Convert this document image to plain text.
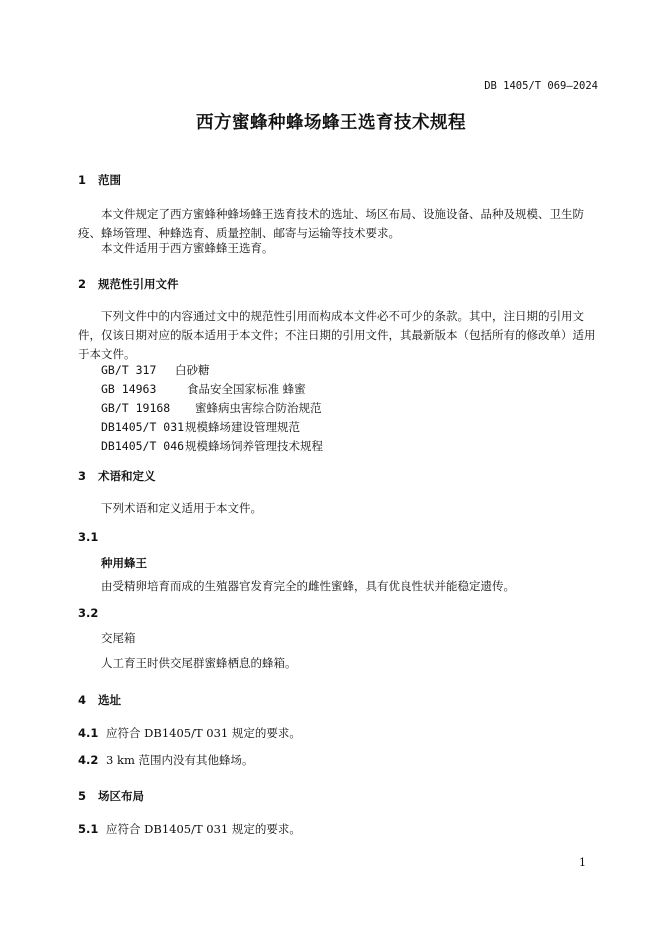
DB 1405/T 069—2024
西方蜜蜂种蜂场蜂王选育技术规程
1 范围
本文件规定了西方蜜蜂种蜂场蜂王选育技术的选址、场区布局、设施设备、品种及规模、卫生防疫、蜂场管理、种蜂选育、质量控制、邮寄与运输等技术要求。
本文件适用于西方蜜蜂蜂王选育。
2 规范性引用文件
下列文件中的内容通过文中的规范性引用而构成本文件必不可少的条款。其中，注日期的引用文件，仅该日期对应的版本适用于本文件；不注日期的引用文件，其最新版本（包括所有的修改单）适用于本文件。
GB/T 317 白砂糖
GB 14963	食品安全国家标准 蜂蜜
GB/T 19168 蜜蜂病虫害综合防治规范
DB1405/T 031规模蜂场建设管理规范
DB1405/T 046规模蜂场饲养管理技术规程
3 术语和定义
下列术语和定义适用于本文件。
3.1
种用蜂王
由受精卵培育而成的生殖器官发育完全的雌性蜜蜂，具有优良性状并能稳定遗传。
3.2
交尾箱
人工育王时供交尾群蜜蜂栖息的蜂箱。
4 选址
4.1 应符合 DB1405/T 031 规定的要求。
4.2 3 km 范围内没有其他蜂场。
5 场区布局
5.1 应符合 DB1405/T 031 规定的要求。
1
